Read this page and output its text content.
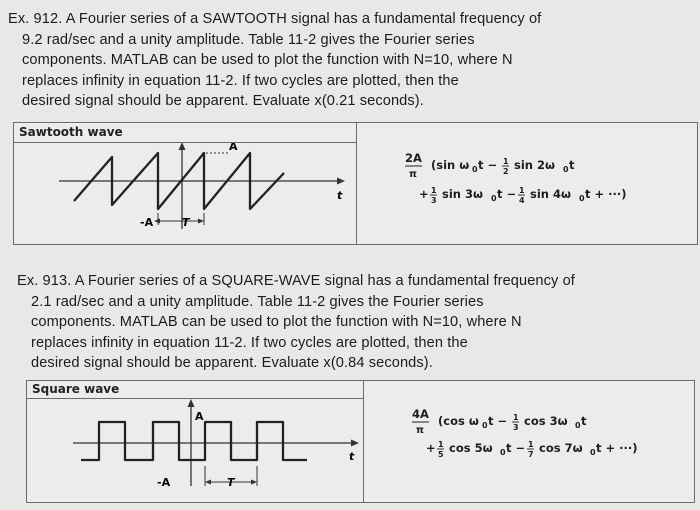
Ex. 912. A Fourier series of a SAWTOOTH signal has a fundamental frequency of
9.2 rad/sec and a unity amplitude. Table 11-2 gives the Fourier series
components. MATLAB can be used to plot the function with N=10, where N
replaces infinity in equation 11-2. If two cycles are plotted, then the
desired signal should be apparent. Evaluate x(0.21 seconds).
Sawtooth wave
A
-A	T
t
2A
π
(sin ω 0 t − 1
2 sin 2ω 0 t
+ 1
3 sin 3ω 0 t − 1
4 sin 4ω 0 t + ···)
Ex. 913. A Fourier series of a SQUARE-WAVE signal has a fundamental frequency of
2.1 rad/sec and a unity amplitude. Table 11-2 gives the Fourier series
components. MATLAB can be used to plot the function with N=10, where N
replaces infinity in equation 11-2. If two cycles are plotted, then the
desired signal should be apparent. Evaluate x(0.84 seconds).
Square wave
A
-A	T
t
4A
π
(cos ω 0 t − 1
3 cos 3ω 0 t
+ 1
5 cos 5ω 0 t − 1
7 cos 7ω 0 t + ···)
